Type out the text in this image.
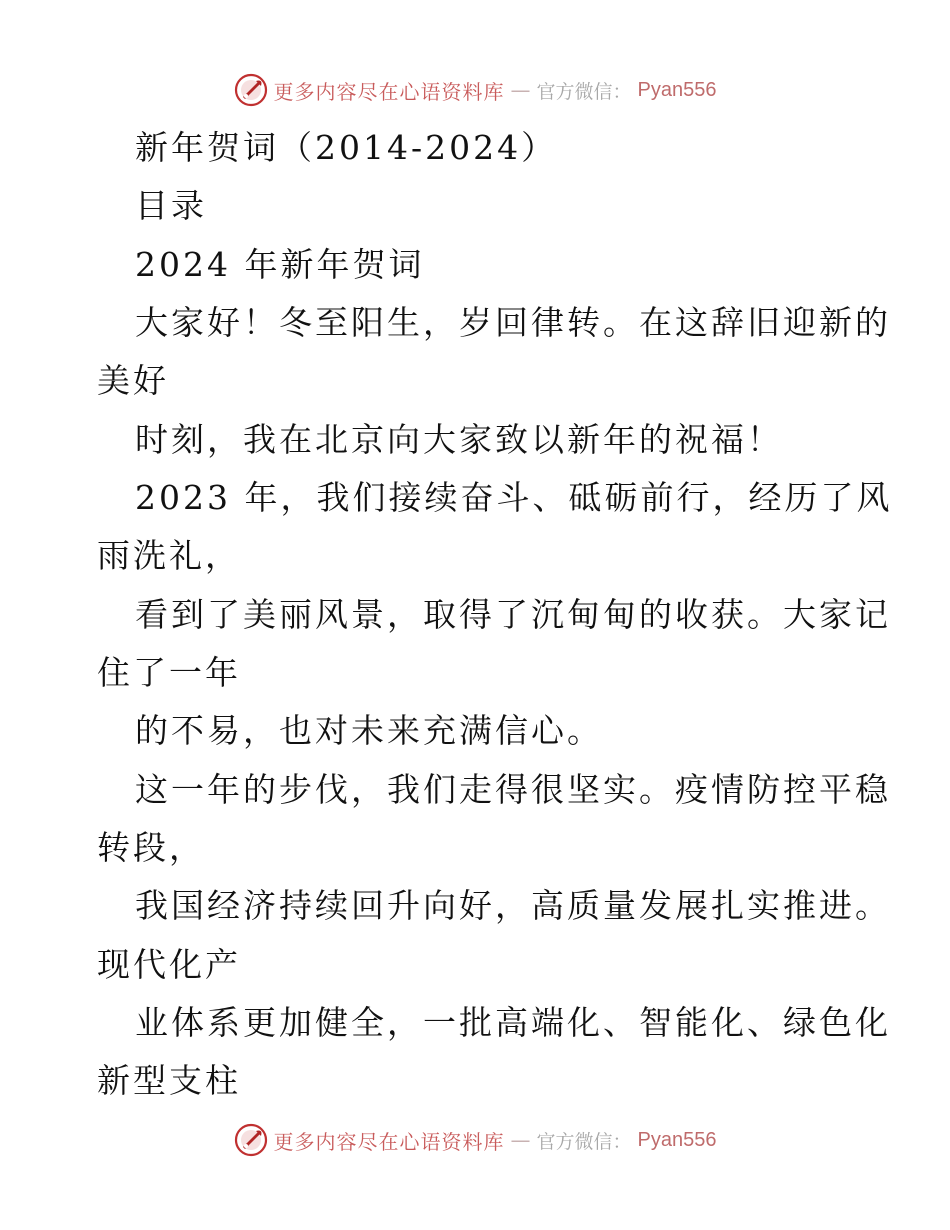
更多内容尽在心语资料库 — 官方微信： Pyan556
新年贺词（2014-2024）
目录
2024 年新年贺词
大家好！冬至阳生，岁回律转。在这辞旧迎新的
美好
时刻，我在北京向大家致以新年的祝福！
2023 年，我们接续奋斗、砥砺前行，经历了风
雨洗礼，
看到了美丽风景，取得了沉甸甸的收获。大家记
住了一年
的不易，也对未来充满信心。
这一年的步伐，我们走得很坚实。疫情防控平稳
转段，
我国经济持续回升向好，高质量发展扎实推进。
现代化产
业体系更加健全，一批高端化、智能化、绿色化
新型支柱
更多内容尽在心语资料库 — 官方微信： Pyan556
